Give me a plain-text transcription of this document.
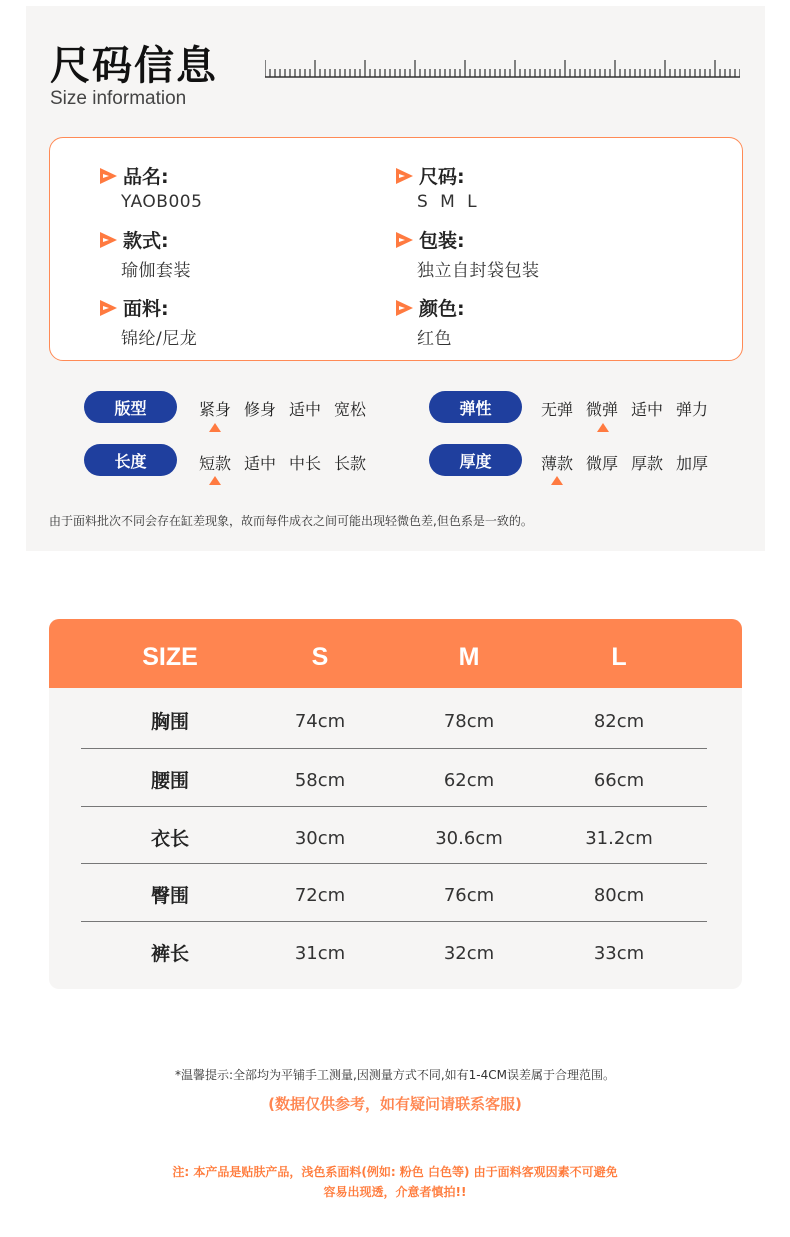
尺码信息
Size information
品名:
YAOB005
尺码:
S  M  L
款式:
瑜伽套装
包装:
独立自封袋包装
面料:
锦纶/尼龙
颜色:
红色
版型	紧身 修身 适中 宽松	弹性	无弹 微弹 适中 弹力
长度	短款 适中 中长 长款	厚度	薄款 微厚 厚款 加厚
由于面料批次不同会存在缸差现象，故而每件成衣之间可能出现轻微色差,但色系是一致的。
SIZE	S	M	L
胸围	74cm	78cm	82cm
腰围	58cm	62cm	66cm
衣长	30cm	30.6cm	31.2cm
臀围	72cm	76cm	80cm
裤长	31cm	32cm	33cm
*温馨提示:全部均为平铺手工测量,因测量方式不同,如有1-4CM误差属于合理范围。
(数据仅供参考，如有疑问请联系客服)
注: 本产品是贴肤产品，浅色系面料(例如: 粉色 白色等) 由于面料客观因素不可避免
容易出现透，介意者慎拍!!
